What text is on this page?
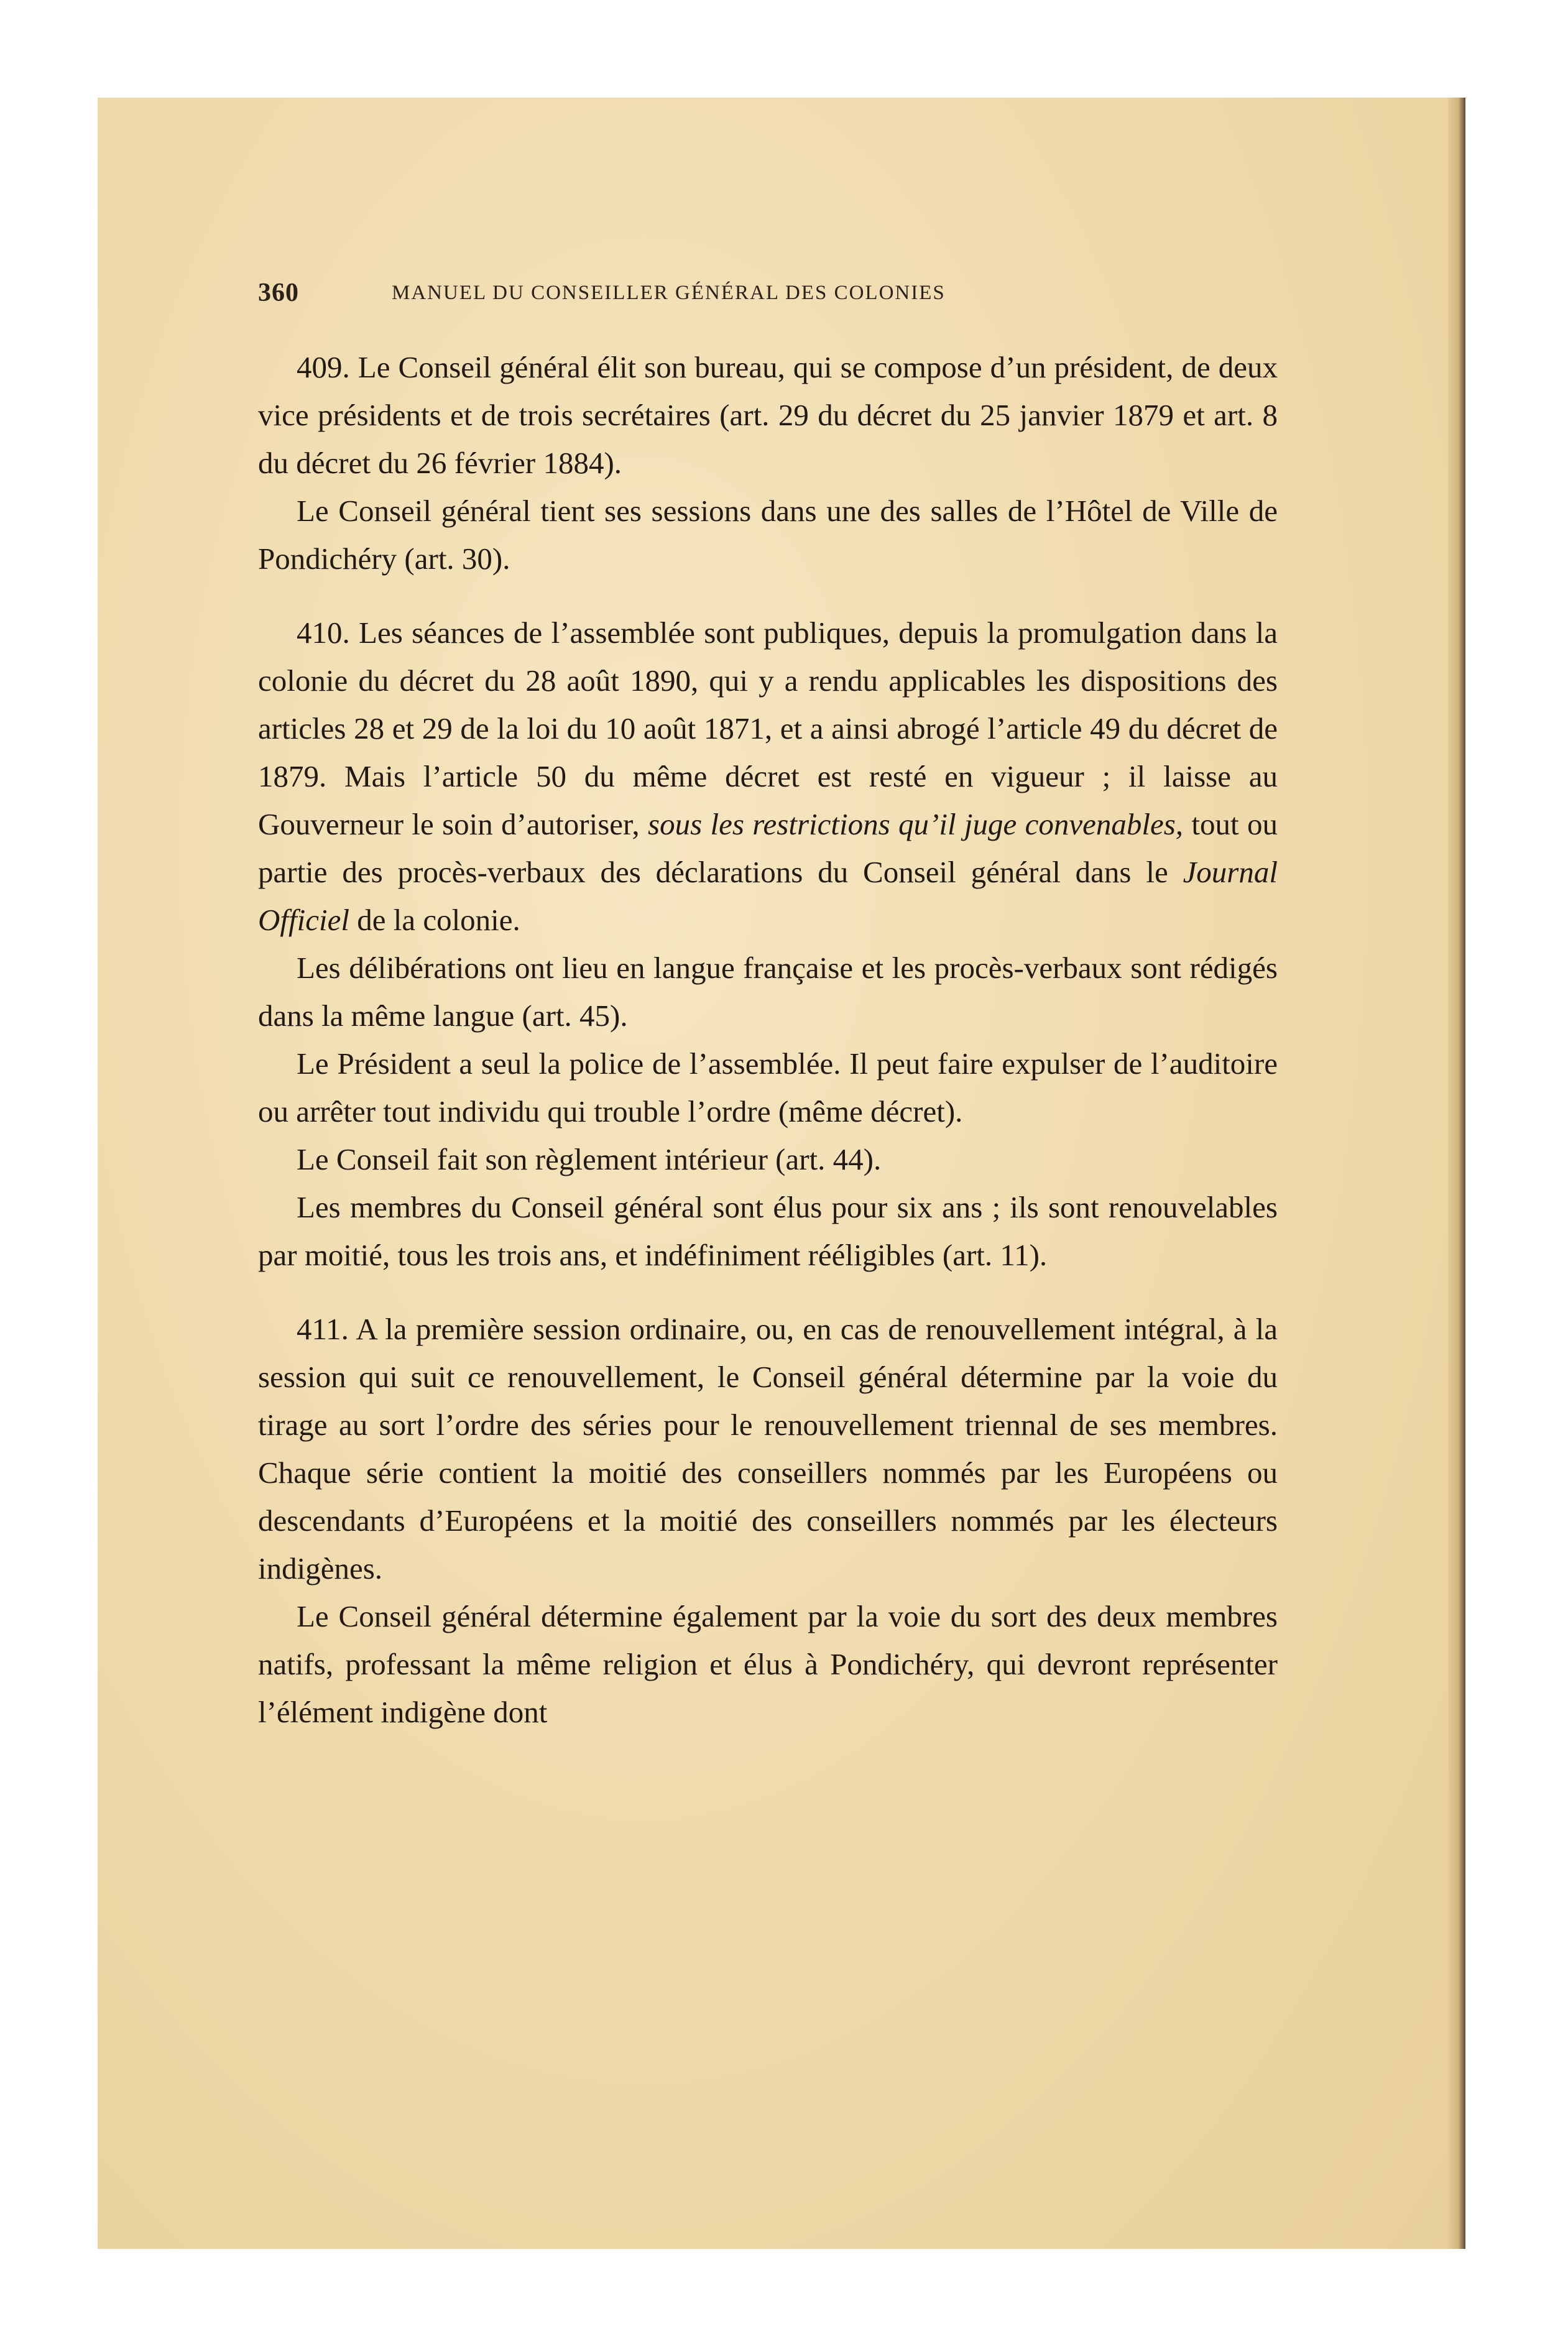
360	MANUEL DU CONSEILLER GÉNÉRAL DES COLONIES

409. Le Conseil général élit son bureau, qui se compose d’un président, de deux vice présidents et de trois secrétaires (art. 29 du décret du 25 janvier 1879 et art. 8 du décret du 26 février 1884).

Le Conseil général tient ses sessions dans une des salles de l’Hôtel de Ville de Pondichéry (art. 30).

410. Les séances de l’assemblée sont publiques, depuis la promulgation dans la colonie du décret du 28 août 1890, qui y a rendu applicables les dispositions des articles 28 et 29 de la loi du 10 août 1871, et a ainsi abrogé l’article 49 du décret de 1879. Mais l’article 50 du même décret est resté en vigueur ; il laisse au Gouverneur le soin d’autoriser, sous les restrictions qu’il juge convenables, tout ou partie des procès-verbaux des déclarations du Conseil général dans le Journal Officiel de la colonie.

Les délibérations ont lieu en langue française et les procès-verbaux sont rédigés dans la même langue (art. 45).

Le Président a seul la police de l’assemblée. Il peut faire expulser de l’auditoire ou arrêter tout individu qui trouble l’ordre (même décret).

Le Conseil fait son règlement intérieur (art. 44).

Les membres du Conseil général sont élus pour six ans ; ils sont renouvelables par moitié, tous les trois ans, et indéfiniment rééligibles (art. 11).

411. A la première session ordinaire, ou, en cas de renouvellement intégral, à la session qui suit ce renouvellement, le Conseil général détermine par la voie du tirage au sort l’ordre des séries pour le renouvellement triennal de ses membres. Chaque série contient la moitié des conseillers nommés par les Européens ou descendants d’Européens et la moitié des conseillers nommés par les électeurs indigènes.

Le Conseil général détermine également par la voie du sort des deux membres natifs, professant la même religion et élus à Pondichéry, qui devront représenter l’élément indigène dont
